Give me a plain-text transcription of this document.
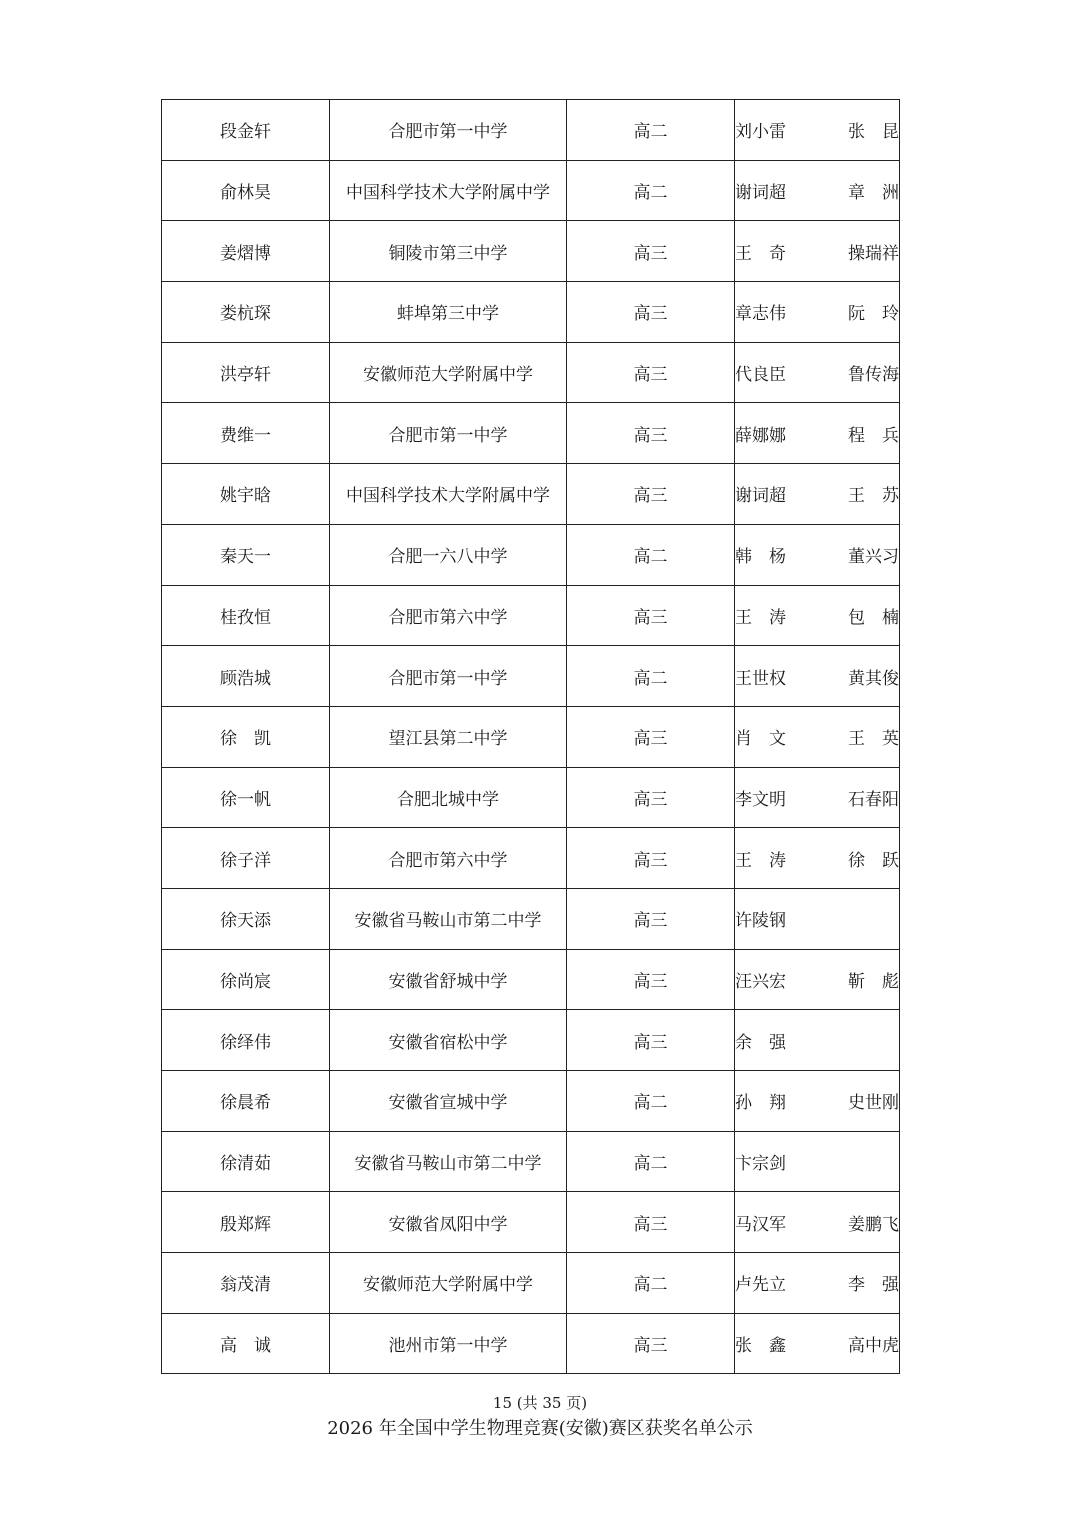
段金轩	合肥市第一中学	高二	刘小雷 张　昆

俞林昊	中国科学技术大学附属中学	高二	谢词超 章　洲

姜熠博	铜陵市第三中学	高三	王　奇 操瑞祥

娄杭琛	蚌埠第三中学	高三	章志伟 阮　玲

洪亭轩	安徽师范大学附属中学	高三	代良臣 鲁传海

费维一	合肥市第一中学	高三	薛娜娜 程　兵

姚宇晗	中国科学技术大学附属中学	高三	谢词超 王　苏

秦天一	合肥一六八中学	高二	韩　杨 董兴习

桂孜恒	合肥市第六中学	高三	王　涛 包　楠

顾浩城	合肥市第一中学	高二	王世权 黄其俊

徐　凯	望江县第二中学	高三	肖　文 王　英

徐一帆	合肥北城中学	高三	李文明 石春阳

徐子洋	合肥市第六中学	高三	王　涛 徐　跃

徐天添	安徽省马鞍山市第二中学	高三	许陵钢

徐尚宸	安徽省舒城中学	高三	汪兴宏 靳　彪

徐绎伟	安徽省宿松中学	高三	余　强

徐晨希	安徽省宣城中学	高二	孙　翔 史世刚

徐清茹	安徽省马鞍山市第二中学	高二	卞宗剑

殷郑辉	安徽省凤阳中学	高三	马汉军 姜鹏飞

翁茂清	安徽师范大学附属中学	高二	卢先立 李　强

高　诚	池州市第一中学	高三	张　鑫 高中虎
15 (共 35 页)
2026 年全国中学生物理竞赛(安徽)赛区获奖名单公示
